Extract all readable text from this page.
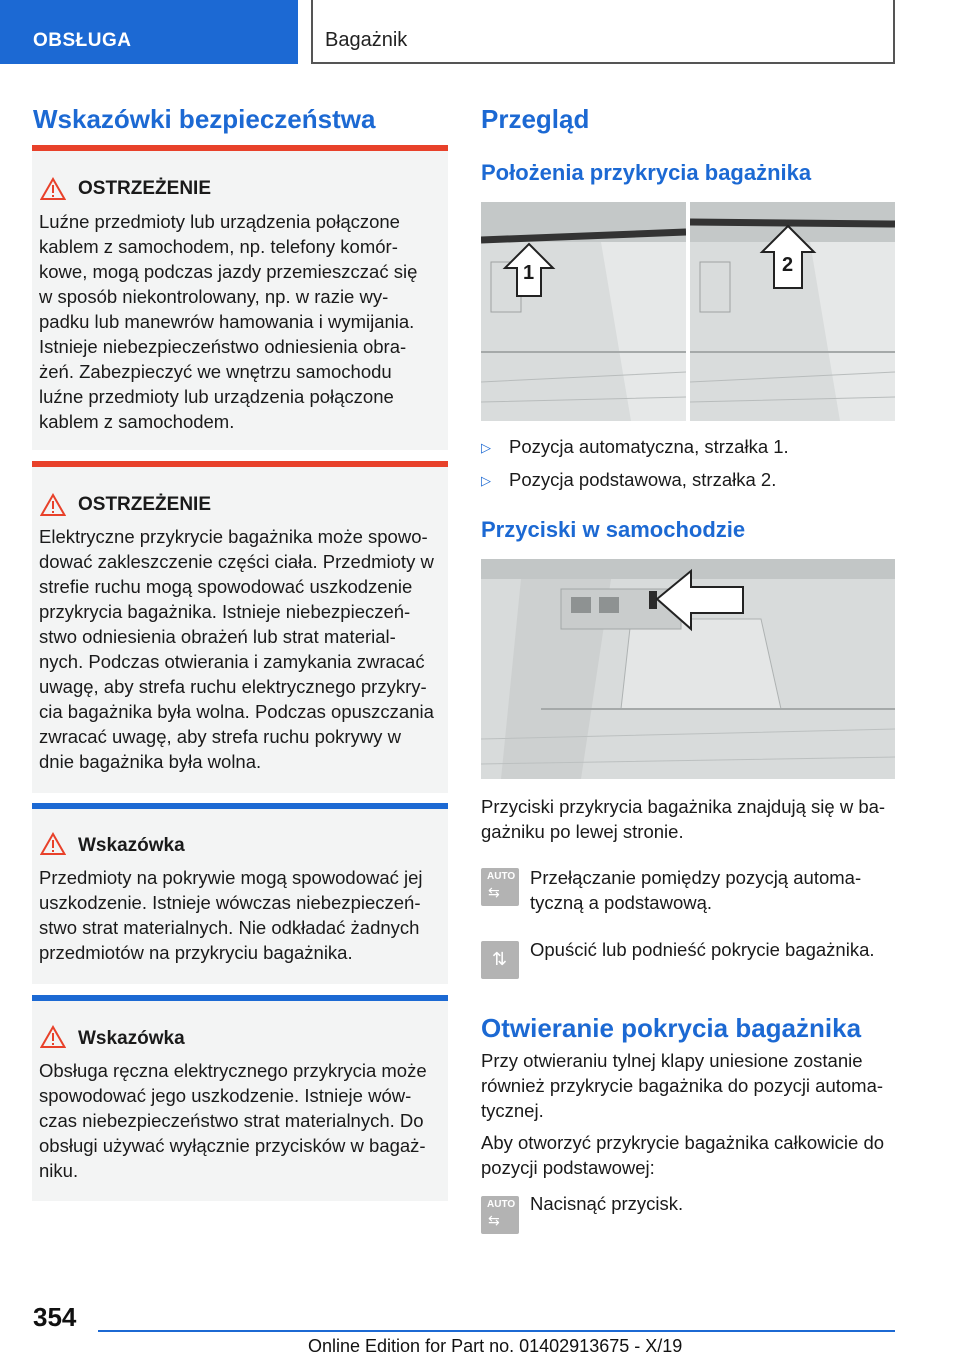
OBSŁUGA	Bagażnik
Wskazówki bezpieczeństwa
OSTRZEŻENIE
Luźne przedmioty lub urządzenia połączone
kablem z samochodem, np. telefony komór-
kowe, mogą podczas jazdy przemieszczać się
w sposób niekontrolowany, np. w razie wy-
padku lub manewrów hamowania i wymijania.
Istnieje niebezpieczeństwo odniesienia obra-
żeń. Zabezpieczyć we wnętrzu samochodu
luźne przedmioty lub urządzenia połączone
kablem z samochodem.
OSTRZEŻENIE
Elektryczne przykrycie bagażnika może spowo-
dować zakleszczenie części ciała. Przedmioty w
strefie ruchu mogą spowodować uszkodzenie
przykrycia bagażnika. Istnieje niebezpieczeń-
stwo odniesienia obrażeń lub strat material-
nych. Podczas otwierania i zamykania zwracać
uwagę, aby strefa ruchu elektrycznego przykry-
cia bagażnika była wolna. Podczas opuszczania
zwracać uwagę, aby strefa ruchu pokrywy w
dnie bagażnika była wolna.
Wskazówka
Przedmioty na pokrywie mogą spowodować jej
uszkodzenie. Istnieje wówczas niebezpieczeń-
stwo strat materialnych. Nie odkładać żadnych
przedmiotów na przykryciu bagażnika.
Wskazówka
Obsługa ręczna elektrycznego przykrycia może
spowodować jego uszkodzenie. Istnieje wów-
czas niebezpieczeństwo strat materialnych. Do
obsługi używać wyłącznie przycisków w bagaż-
niku.
Przegląd
Położenia przykrycia bagażnika
1	2
▷ Pozycja automatyczna, strzałka 1.
▷ Pozycja podstawowa, strzałka 2.
Przyciski w samochodzie
Przyciski przykrycia bagażnika znajdują się w ba-
gażniku po lewej stronie.
AUTO
⇆
Przełączanie pomiędzy pozycją automa-
tyczną a podstawową.
⇅ Opuścić lub podnieść pokrycie bagażnika.
Otwieranie pokrycia bagażnika
Przy otwieraniu tylnej klapy uniesione zostanie
również przykrycie bagażnika do pozycji automa-
tycznej.
Aby otworzyć przykrycie bagażnika całkowicie do
pozycji podstawowej:
AUTO
⇆
Nacisnąć przycisk.
354
Online Edition for Part no. 01402913675 - X/19
